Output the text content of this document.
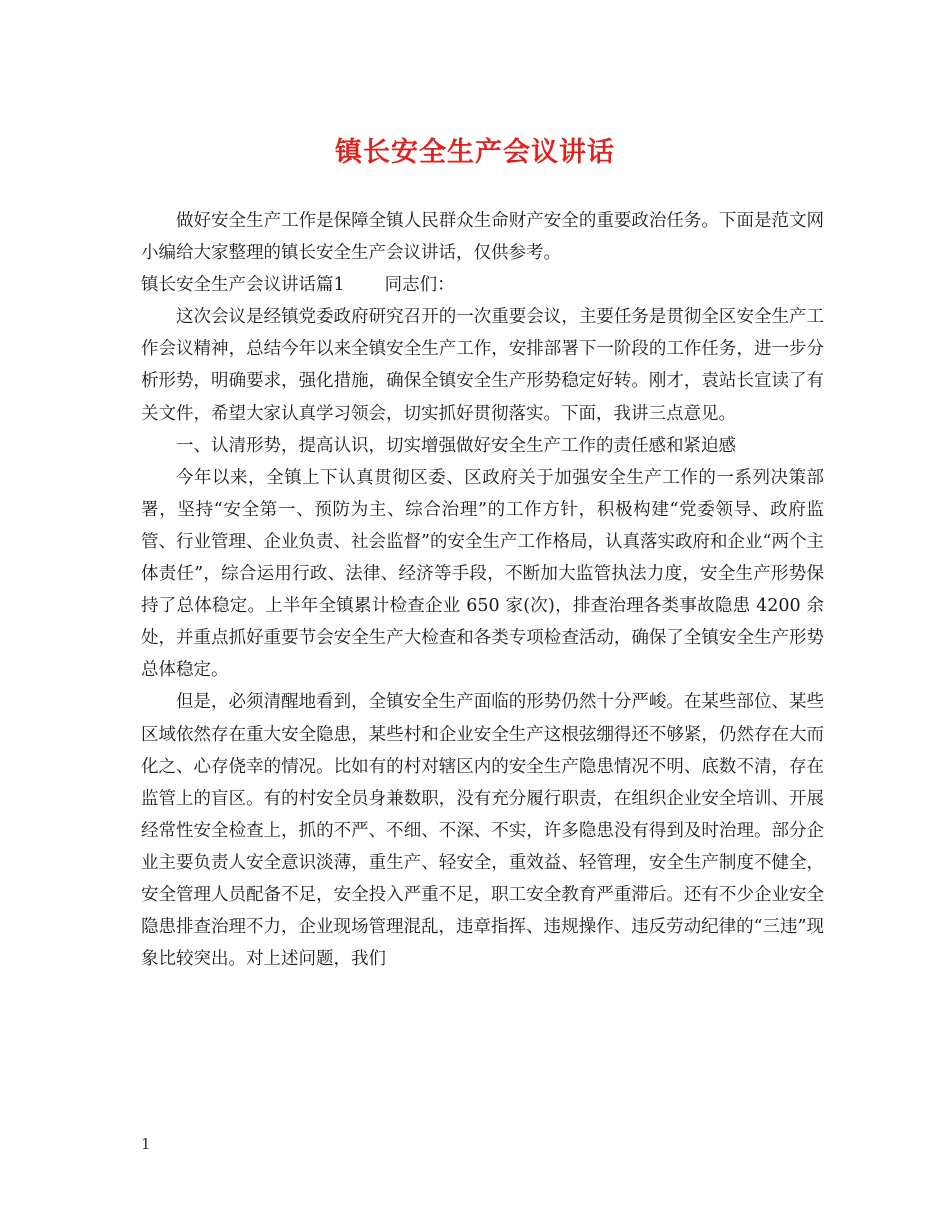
镇长安全生产会议讲话

做好安全生产工作是保障全镇人民群众生命财产安全的重要政治任务。下面是范文网小编给大家整理的镇长安全生产会议讲话，仅供参考。

镇长安全生产会议讲话篇1 同志们：

这次会议是经镇党委政府研究召开的一次重要会议，主要任务是贯彻全区安全生产工作会议精神，总结今年以来全镇安全生产工作，安排部署下一阶段的工作任务，进一步分析形势，明确要求，强化措施，确保全镇安全生产形势稳定好转。刚才，袁站长宣读了有关文件，希望大家认真学习领会，切实抓好贯彻落实。下面，我讲三点意见。

一、认清形势，提高认识，切实增强做好安全生产工作的责任感和紧迫感

今年以来，全镇上下认真贯彻区委、区政府关于加强安全生产工作的一系列决策部署，坚持“安全第一、预防为主、综合治理”的工作方针，积极构建“党委领导、政府监管、行业管理、企业负责、社会监督”的安全生产工作格局，认真落实政府和企业“两个主体责任”，综合运用行政、法律、经济等手段，不断加大监管执法力度，安全生产形势保持了总体稳定。上半年全镇累计检查企业 650 家(次)，排查治理各类事故隐患 4200 余处，并重点抓好重要节会安全生产大检查和各类专项检查活动，确保了全镇安全生产形势总体稳定。

但是，必须清醒地看到，全镇安全生产面临的形势仍然十分严峻。在某些部位、某些区域依然存在重大安全隐患，某些村和企业安全生产这根弦绷得还不够紧，仍然存在大而化之、心存侥幸的情况。比如有的村对辖区内的安全生产隐患情况不明、底数不清，存在监管上的盲区。有的村安全员身兼数职，没有充分履行职责，在组织企业安全培训、开展经常性安全检查上，抓的不严、不细、不深、不实，许多隐患没有得到及时治理。部分企业主要负责人安全意识淡薄，重生产、轻安全，重效益、轻管理，安全生产制度不健全，安全管理人员配备不足，安全投入严重不足，职工安全教育严重滞后。还有不少企业安全隐患排查治理不力，企业现场管理混乱，违章指挥、违规操作、违反劳动纪律的“三违”现象比较突出。对上述问题，我们

1
